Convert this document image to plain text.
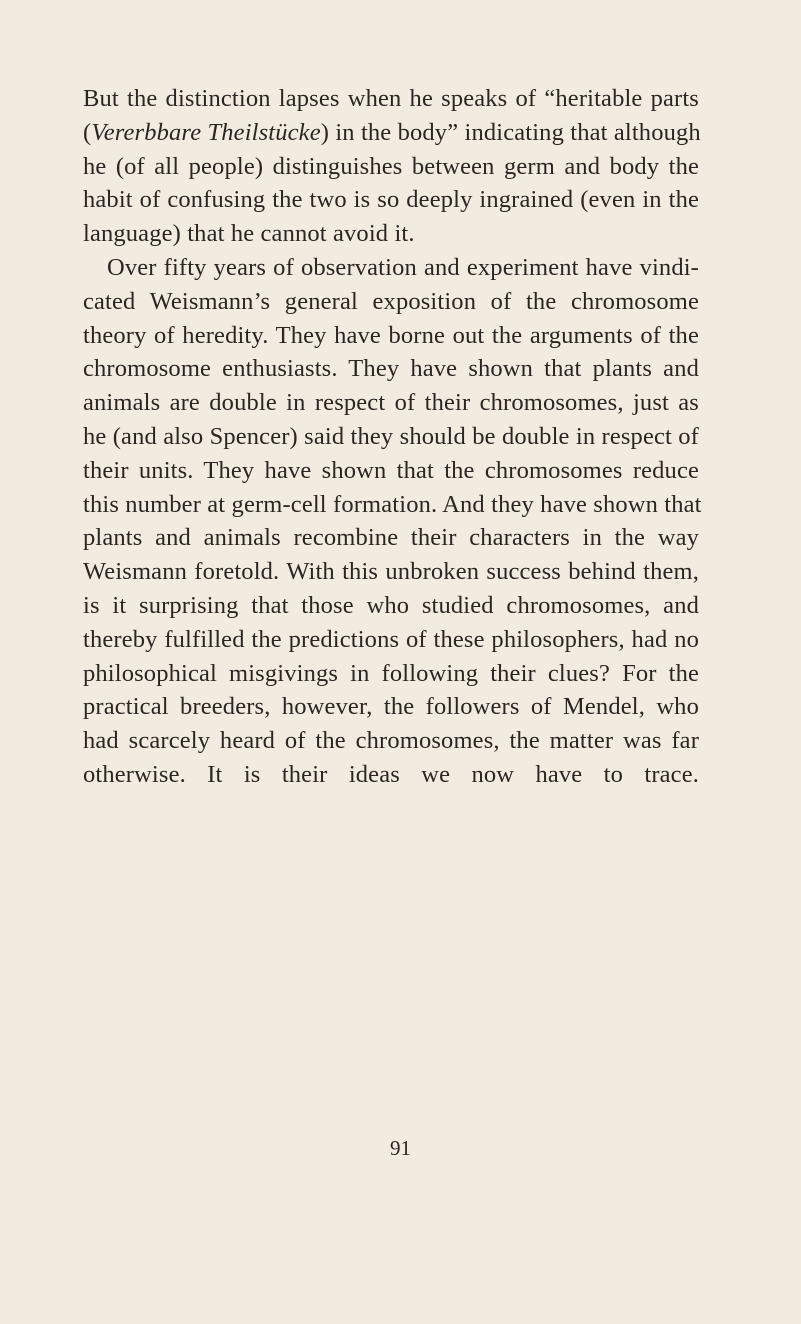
But the distinction lapses when he speaks of “heritable parts
(Vererbbare Theilstücke) in the body” indicating that although
he (of all people) distinguishes between germ and body the
habit of confusing the two is so deeply ingrained (even in the
language) that he cannot avoid it.
Over fifty years of observation and experiment have vindi-
cated Weismann’s general exposition of the chromosome
theory of heredity. They have borne out the arguments of the
chromosome enthusiasts. They have shown that plants and
animals are double in respect of their chromosomes, just as
he (and also Spencer) said they should be double in respect of
their units. They have shown that the chromosomes reduce
this number at germ-cell formation. And they have shown that
plants and animals recombine their characters in the way
Weismann foretold. With this unbroken success behind them,
is it surprising that those who studied chromosomes, and
thereby fulfilled the predictions of these philosophers, had no
philosophical misgivings in following their clues? For the
practical breeders, however, the followers of Mendel, who
had scarcely heard of the chromosomes, the matter was far
otherwise. It is their ideas we now have to trace.
91
